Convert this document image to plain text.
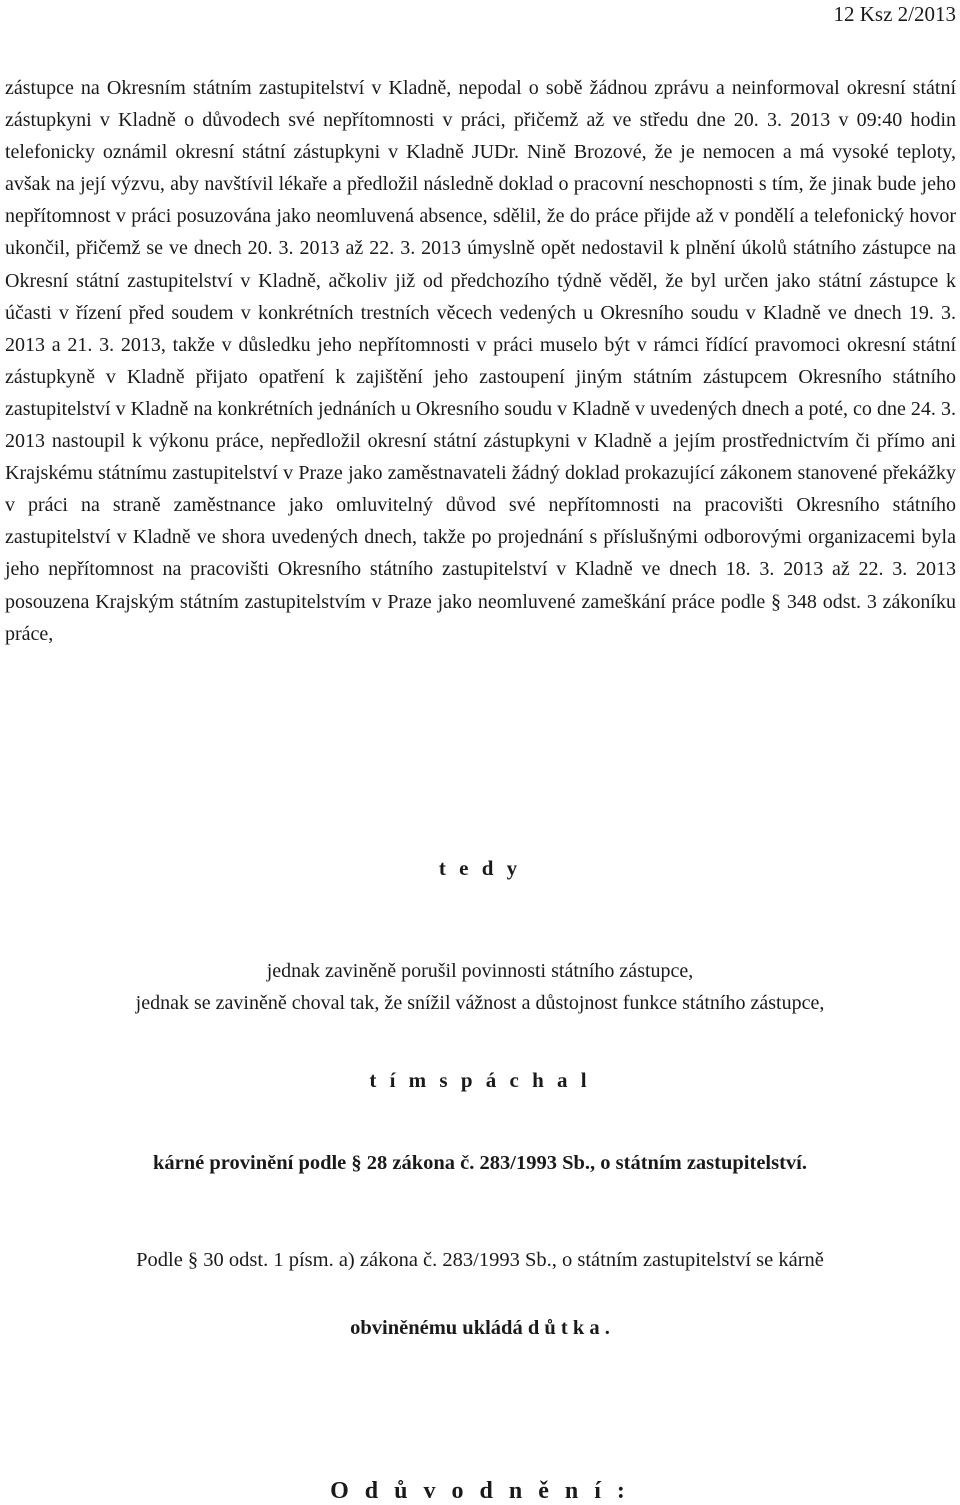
12 Ksz 2/2013

zástupce na Okresním státním zastupitelství v Kladně, nepodal o sobě žádnou zprávu a neinformoval okresní státní zástupkyni v Kladně o důvodech své nepřítomnosti v práci, přičemž až ve středu dne 20. 3. 2013 v 09:40 hodin telefonicky oznámil okresní státní zástupkyni v Kladně JUDr. Nině Brozové, že je nemocen a má vysoké teploty, avšak na její výzvu, aby navštívil lékaře a předložil následně doklad o pracovní neschopnosti s tím, že jinak bude jeho nepřítomnost v práci posuzována jako neomluvená absence, sdělil, že do práce přijde až v pondělí a telefonický hovor ukončil, přičemž se ve dnech 20. 3. 2013 až 22. 3. 2013 úmyslně opět nedostavil k plnění úkolů státního zástupce na Okresní státní zastupitelství v Kladně, ačkoliv již od předchozího týdně věděl, že byl určen jako státní zástupce k účasti v řízení před soudem v konkrétních trestních věcech vedených u Okresního soudu v Kladně ve dnech 19. 3. 2013 a 21. 3. 2013, takže v důsledku jeho nepřítomnosti v práci muselo být v rámci řídící pravomoci okresní státní zástupkyně v Kladně přijato opatření k zajištění jeho zastoupení jiným státním zástupcem Okresního státního zastupitelství v Kladně na konkrétních jednáních u Okresního soudu v Kladně v uvedených dnech a poté, co dne 24. 3. 2013 nastoupil k výkonu práce, nepředložil okresní státní zástupkyni v Kladně a jejím prostřednictvím či přímo ani Krajskému státnímu zastupitelství v Praze jako zaměstnavateli žádný doklad prokazující zákonem stanovené překážky v práci na straně zaměstnance jako omluvitelný důvod své nepřítomnosti na pracovišti Okresního státního zastupitelství v Kladně ve shora uvedených dnech, takže po projednání s příslušnými odborovými organizacemi byla jeho nepřítomnost na pracovišti Okresního státního zastupitelství v Kladně ve dnech 18. 3. 2013 až 22. 3. 2013 posouzena Krajským státním zastupitelstvím v Praze jako neomluvené zameškání práce podle § 348 odst. 3 zákoníku práce,

t e d y
jednak zaviněně porušil povinnosti státního zástupce,
jednak se zaviněně choval tak, že snížil vážnost a důstojnost funkce státního zástupce,
t í m s p á c h a l
kárné provinění podle § 28 zákona č. 283/1993 Sb., o státním zastupitelství.
Podle § 30 odst. 1 písm. a) zákona č. 283/1993 Sb., o státním zastupitelství se kárně
obviněnému ukládá d ů t k a .
O d ů v o d n ě n í :
